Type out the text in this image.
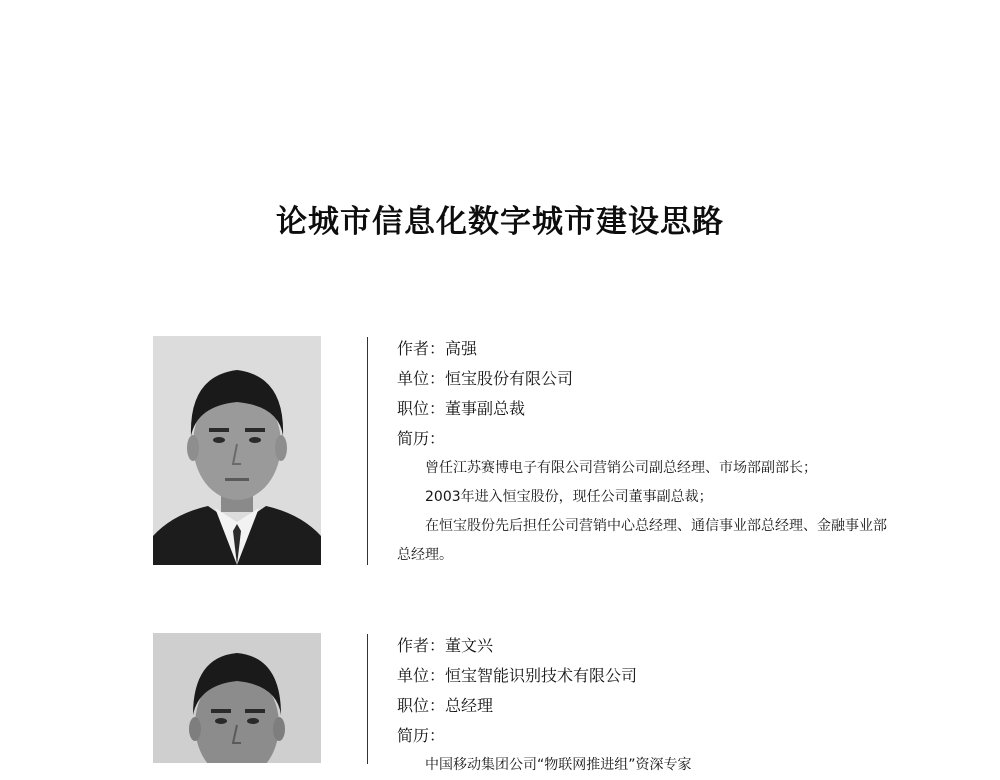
论城市信息化数字城市建设思路
作者：高强
单位：恒宝股份有限公司
职位：董事副总裁
简历：
曾任江苏赛博电子有限公司营销公司副总经理、市场部副部长；
2003年进入恒宝股份，现任公司董事副总裁；
在恒宝股份先后担任公司营销中心总经理、通信事业部总经理、金融事业部总经理。
作者：董文兴
单位：恒宝智能识别技术有限公司
职位：总经理
简历：
中国移动集团公司“物联网推进组”资深专家
